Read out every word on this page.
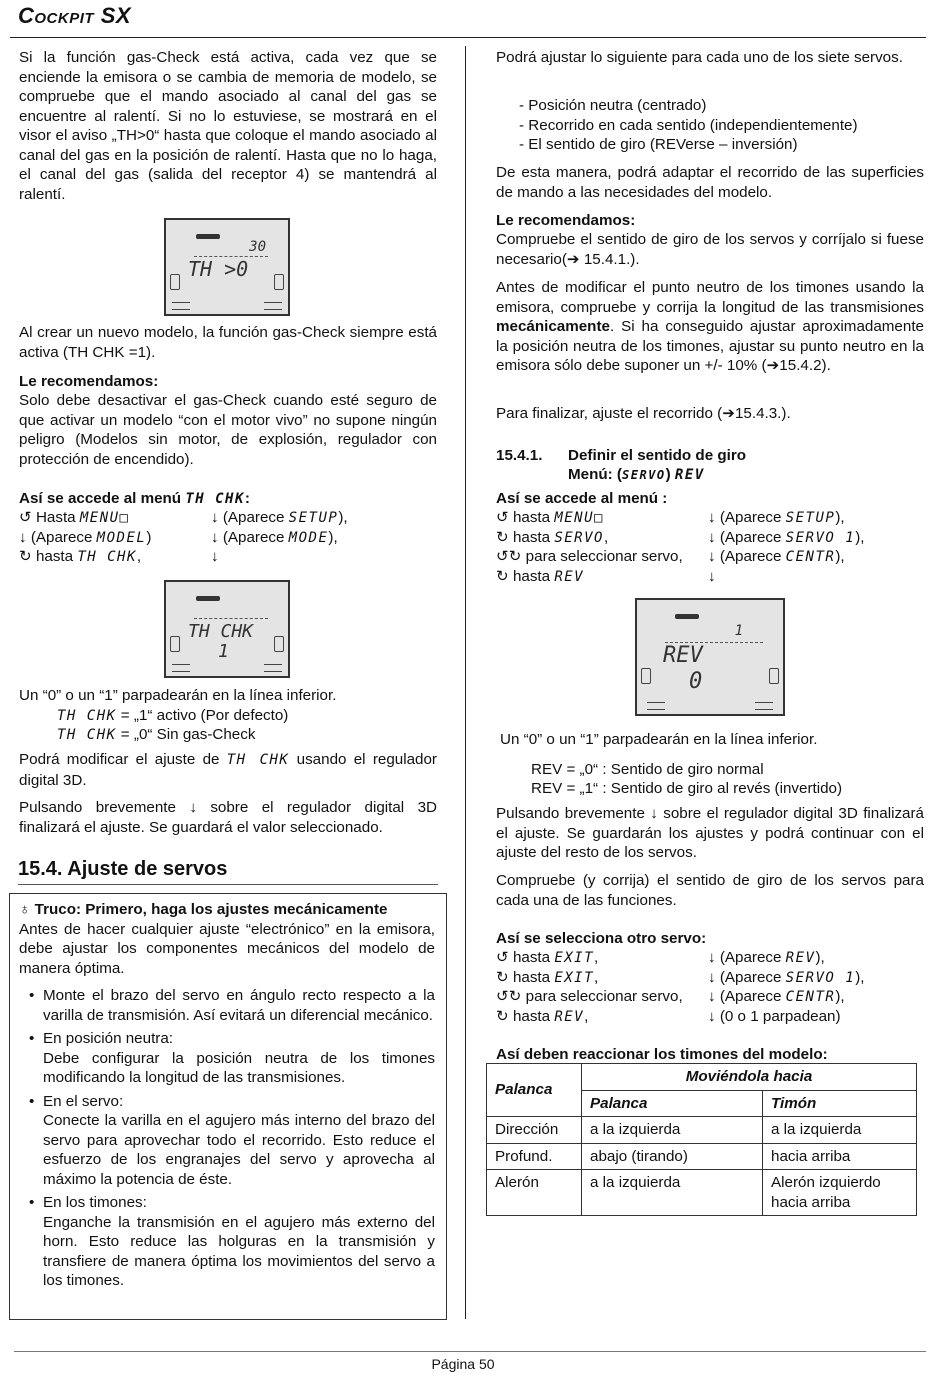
Cockpit SX

Si la función gas-Check está activa, cada vez que se enciende la emisora o se cambia de memoria de modelo, se compruebe que el mando asociado al canal del gas se encuentre al ralentí. Si no lo estuviese, se mostrará en el visor el aviso „TH>0“ hasta que coloque el mando asociado al canal del gas en la posición de ralentí. Hasta que no lo haga, el canal del gas (salida del receptor 4) se mantendrá al ralentí.

30
TH >0

Al crear un nuevo modelo, la función gas-Check siempre está activa (TH CHK =1).

Le recomendamos:

Solo debe desactivar el gas-Check cuando esté seguro de que activar un modelo “con el motor vivo” no supone ningún peligro (Modelos sin motor, de explosión, regulador con protección de encendido).

Así se accede al menú TH CHK:
↺ Hasta MENU□	↓ (Aparece SETUP),
↓ (Aparece MODEL)	↓ (Aparece MODE),
↻ hasta TH CHK,	↓
TH CHK
1

Un “0” o un “1” parpadearán en la línea inferior.

TH CHK = „1“ activo (Por defecto)
TH CHK = „0“ Sin gas-Check

Podrá modificar el ajuste de TH CHK usando el regulador digital 3D.

Pulsando brevemente ↓ sobre el regulador digital 3D finalizará el ajuste. Se guardará el valor seleccionado.

15.4. Ajuste de servos
♁ Truco: Primero, haga los ajustes mecánicamente

Antes de hacer cualquier ajuste “electrónico” en la emisora, debe ajustar los componentes mecánicos del modelo de manera óptima.

• Monte el brazo del servo en ángulo recto respecto a la varilla de transmisión. Así evitará un diferencial mecánico.
• En posición neutra:
Debe configurar la posición neutra de los timones modificando la longitud de las transmisiones.
• En el servo:
Conecte la varilla en el agujero más interno del brazo del servo para aprovechar todo el recorrido. Esto reduce el esfuerzo de los engranajes del servo y aprovecha al máximo la potencia de éste.
• En los timones:
Enganche la transmisión en el agujero más externo del horn. Esto reduce las holguras en la transmisión y transfiere de manera óptima los movimientos del servo a los timones.

Podrá ajustar lo siguiente para cada uno de los siete servos.

- Posición neutra (centrado)
- Recorrido en cada sentido (independientemente)
- El sentido de giro (REVerse – inversión)

De esta manera, podrá adaptar el recorrido de las superficies de mando a las necesidades del modelo.

Le recomendamos:

Compruebe el sentido de giro de los servos y corríjalo si fuese necesario(➔ 15.4.1.).

Antes de modificar el punto neutro de los timones usando la emisora, compruebe y corrija la longitud de las transmisiones mecánicamente. Si ha conseguido ajustar aproximadamente la posición neutra de los timones, ajustar su punto neutro en la emisora sólo debe suponer un +/- 10% (➔15.4.2).

Para finalizar, ajuste el recorrido (➔15.4.3.).

15.4.1. Definir el sentido de giro
Menú: (SERVO) REV
Así se accede al menú :
↺ hasta MENU□	↓ (Aparece SETUP),
↻ hasta SERVO,	↓ (Aparece SERVO 1),
↺↻ para seleccionar servo, ↓ (Aparece CENTR),
↻ hasta REV	↓
1
REV
0

Un “0” o un “1” parpadearán en la línea inferior.

REV = „0“ : Sentido de giro normal
REV = „1“ : Sentido de giro al revés (invertido)

Pulsando brevemente ↓ sobre el regulador digital 3D finalizará el ajuste. Se guardarán los ajustes y podrá continuar con el ajuste del resto de los servos.

Compruebe (y corrija) el sentido de giro de los servos para cada una de las funciones.

Así se selecciona otro servo:
↺ hasta EXIT,	↓ (Aparece REV),
↻ hasta EXIT,	↓ (Aparece SERVO 1),
↺↻ para seleccionar servo, ↓ (Aparece CENTR),
↻ hasta REV,	↓ (0 o 1 parpadean)
Así deben reaccionar los timones del modelo:
Palanca	Moviéndola hacia	
	Palanca	Timón
Dirección	a la izquierda	a la izquierda
Profund.	abajo (tirando)	hacia arriba
Alerón	a la izquierda	Alerón izquierdo hacia arriba
Página 50
